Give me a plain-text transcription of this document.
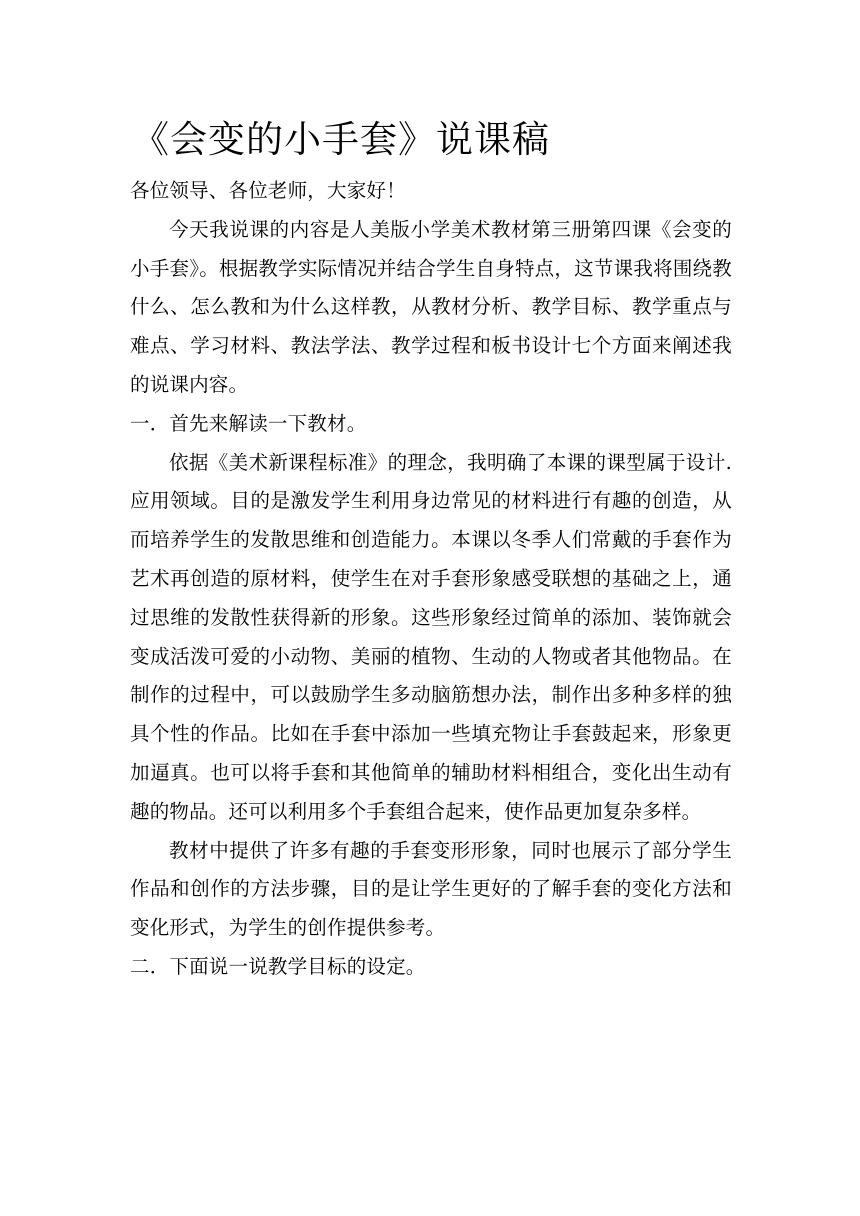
《会变的小手套》说课稿

各位领导、各位老师，大家好！

今天我说课的内容是人美版小学美术教材第三册第四课《会变的小手套》。根据教学实际情况并结合学生自身特点，这节课我将围绕教什么、怎么教和为什么这样教，从教材分析、教学目标、教学重点与难点、学习材料、教法学法、教学过程和板书设计七个方面来阐述我的说课内容。

一．首先来解读一下教材。

依据《美术新课程标准》的理念，我明确了本课的课型属于设计.应用领域。目的是激发学生利用身边常见的材料进行有趣的创造，从而培养学生的发散思维和创造能力。本课以冬季人们常戴的手套作为艺术再创造的原材料，使学生在对手套形象感受联想的基础之上，通过思维的发散性获得新的形象。这些形象经过简单的添加、装饰就会变成活泼可爱的小动物、美丽的植物、生动的人物或者其他物品。在制作的过程中，可以鼓励学生多动脑筋想办法，制作出多种多样的独具个性的作品。比如在手套中添加一些填充物让手套鼓起来，形象更加逼真。也可以将手套和其他简单的辅助材料相组合，变化出生动有趣的物品。还可以利用多个手套组合起来，使作品更加复杂多样。

教材中提供了许多有趣的手套变形形象，同时也展示了部分学生作品和创作的方法步骤，目的是让学生更好的了解手套的变化方法和变化形式，为学生的创作提供参考。

二．下面说一说教学目标的设定。
